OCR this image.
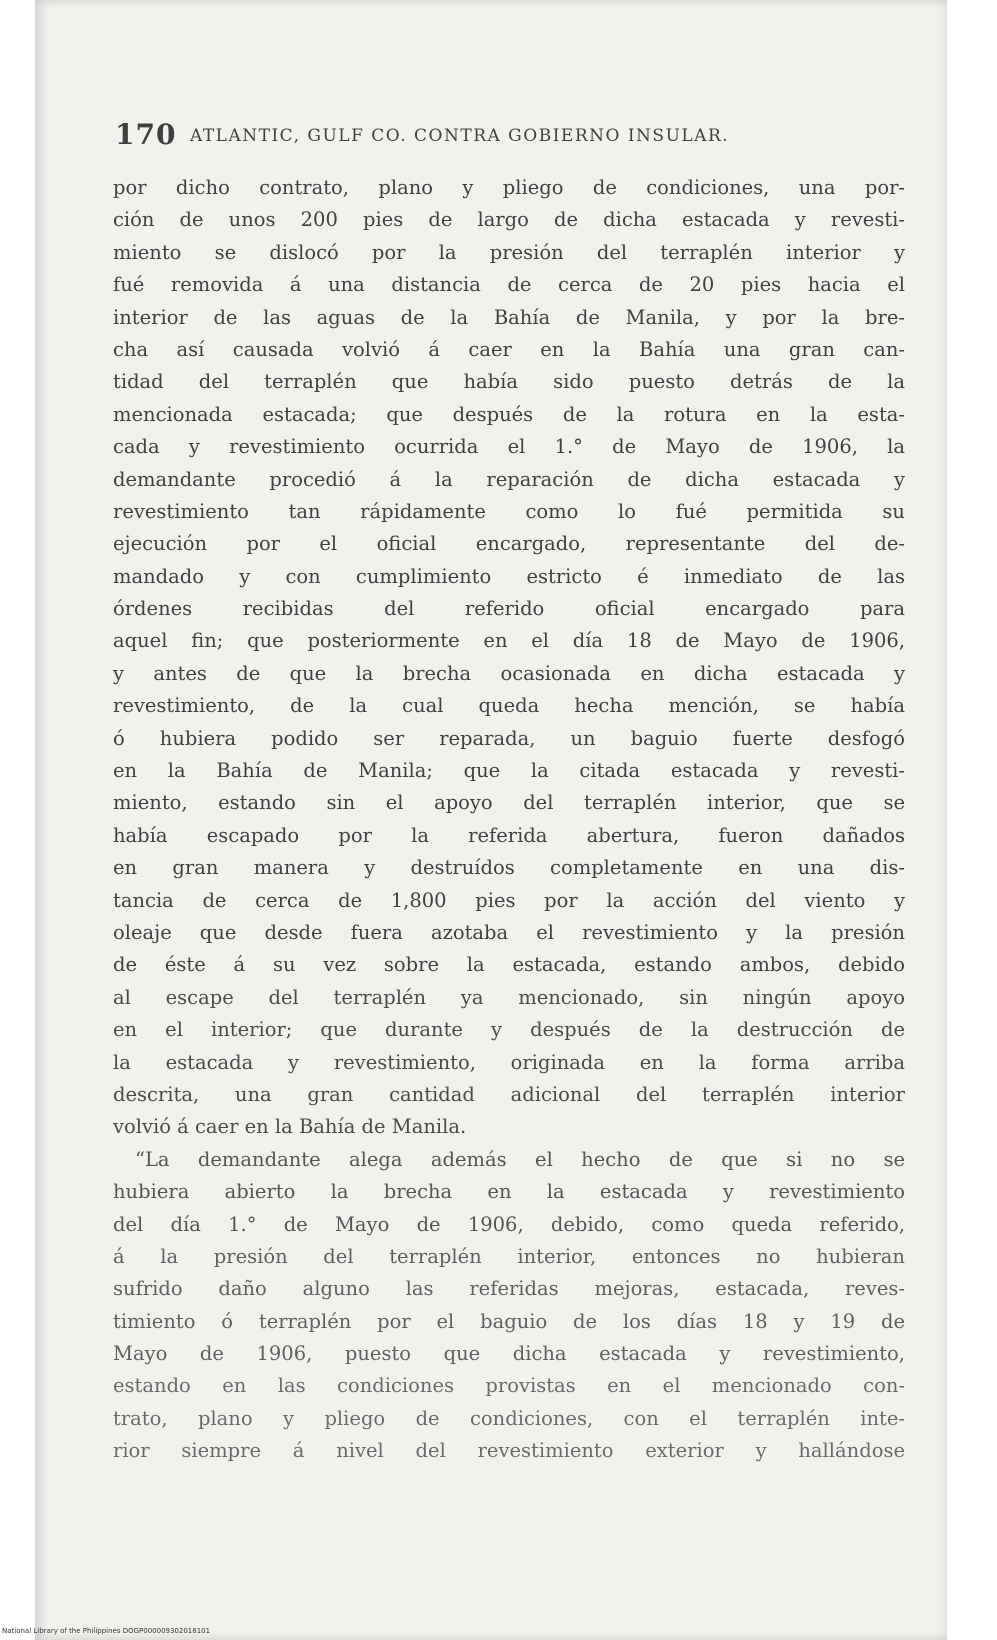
170 ATLANTIC, GULF CO. CONTRA GOBIERNO INSULAR.
por dicho contrato, plano y pliego de condiciones, una por-
ción de unos 200 pies de largo de dicha estacada y revesti-
miento se dislocó por la presión del terraplén interior y
fué removida á una distancia de cerca de 20 pies hacia el
interior de las aguas de la Bahía de Manila, y por la bre-
cha así causada volvió á caer en la Bahía una gran can-
tidad del terraplén que había sido puesto detrás de la
mencionada estacada; que después de la rotura en la esta-
cada y revestimiento ocurrida el 1.° de Mayo de 1906, la
demandante procedió á la reparación de dicha estacada y
revestimiento tan rápidamente como lo fué permitida su
ejecución por el oficial encargado, representante del de-
mandado y con cumplimiento estricto é inmediato de las
órdenes recibidas del referido oficial encargado para
aquel fin; que posteriormente en el día 18 de Mayo de 1906,
y antes de que la brecha ocasionada en dicha estacada y
revestimiento, de la cual queda hecha mención, se había
ó hubiera podido ser reparada, un baguio fuerte desfogó
en la Bahía de Manila; que la citada estacada y revesti-
miento, estando sin el apoyo del terraplén interior, que se
había escapado por la referida abertura, fueron dañados
en gran manera y destruídos completamente en una dis-
tancia de cerca de 1,800 pies por la acción del viento y
oleaje que desde fuera azotaba el revestimiento y la presión
de éste á su vez sobre la estacada, estando ambos, debido
al escape del terraplén ya mencionado, sin ningún apoyo
en el interior; que durante y después de la destrucción de
la estacada y revestimiento, originada en la forma arriba
descrita, una gran cantidad adicional del terraplén interior
volvió á caer en la Bahía de Manila.
“La demandante alega además el hecho de que si no se
hubiera abierto la brecha en la estacada y revestimiento
del día 1.° de Mayo de 1906, debido, como queda referido,
á la presión del terraplén interior, entonces no hubieran
sufrido daño alguno las referidas mejoras, estacada, reves-
timiento ó terraplén por el baguio de los días 18 y 19 de
Mayo de 1906, puesto que dicha estacada y revestimiento,
estando en las condiciones provistas en el mencionado con-
trato, plano y pliego de condiciones, con el terraplén inte-
rior siempre á nivel del revestimiento exterior y hallándose
National Library of the Philippines DOGP000009302018101
